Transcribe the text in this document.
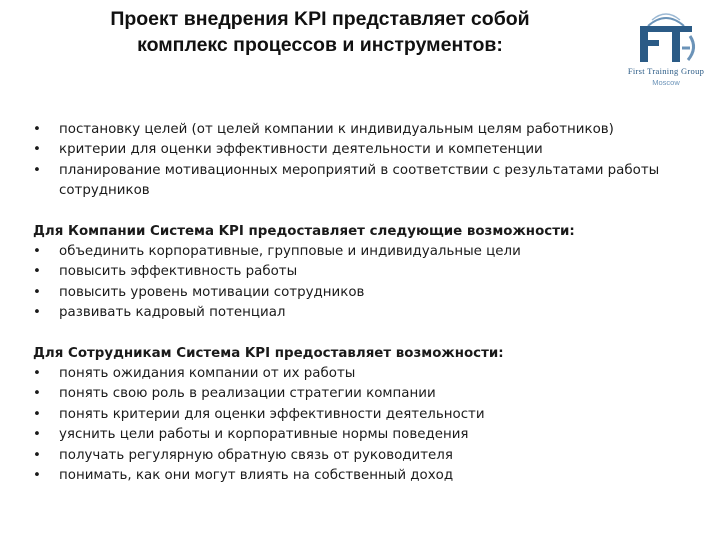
Проект внедрения KPI представляет собой
комплекс процессов и инструментов:
First Training Group
Moscow
•	постановку целей (от целей компании к индивидуальным целям работников)
•	критерии для оценки эффективности деятельности и компетенции
•	планирование мотивационных мероприятий в соответствии с результатами работы сотрудников

Для Компании Система KPI предоставляет следующие возможности:

•	объединить корпоративные, групповые и индивидуальные цели
•	повысить эффективность работы
•	повысить уровень мотивации сотрудников
•	развивать кадровый потенциал

Для Сотрудникам Система KPI предоставляет возможности:

•	понять ожидания компании от их работы
•	понять свою роль в реализации стратегии компании
•	понять критерии для оценки эффективности деятельности
•	уяснить цели работы и корпоративные нормы поведения
•	получать регулярную обратную связь от руководителя
•	понимать, как они могут влиять на собственный доход
